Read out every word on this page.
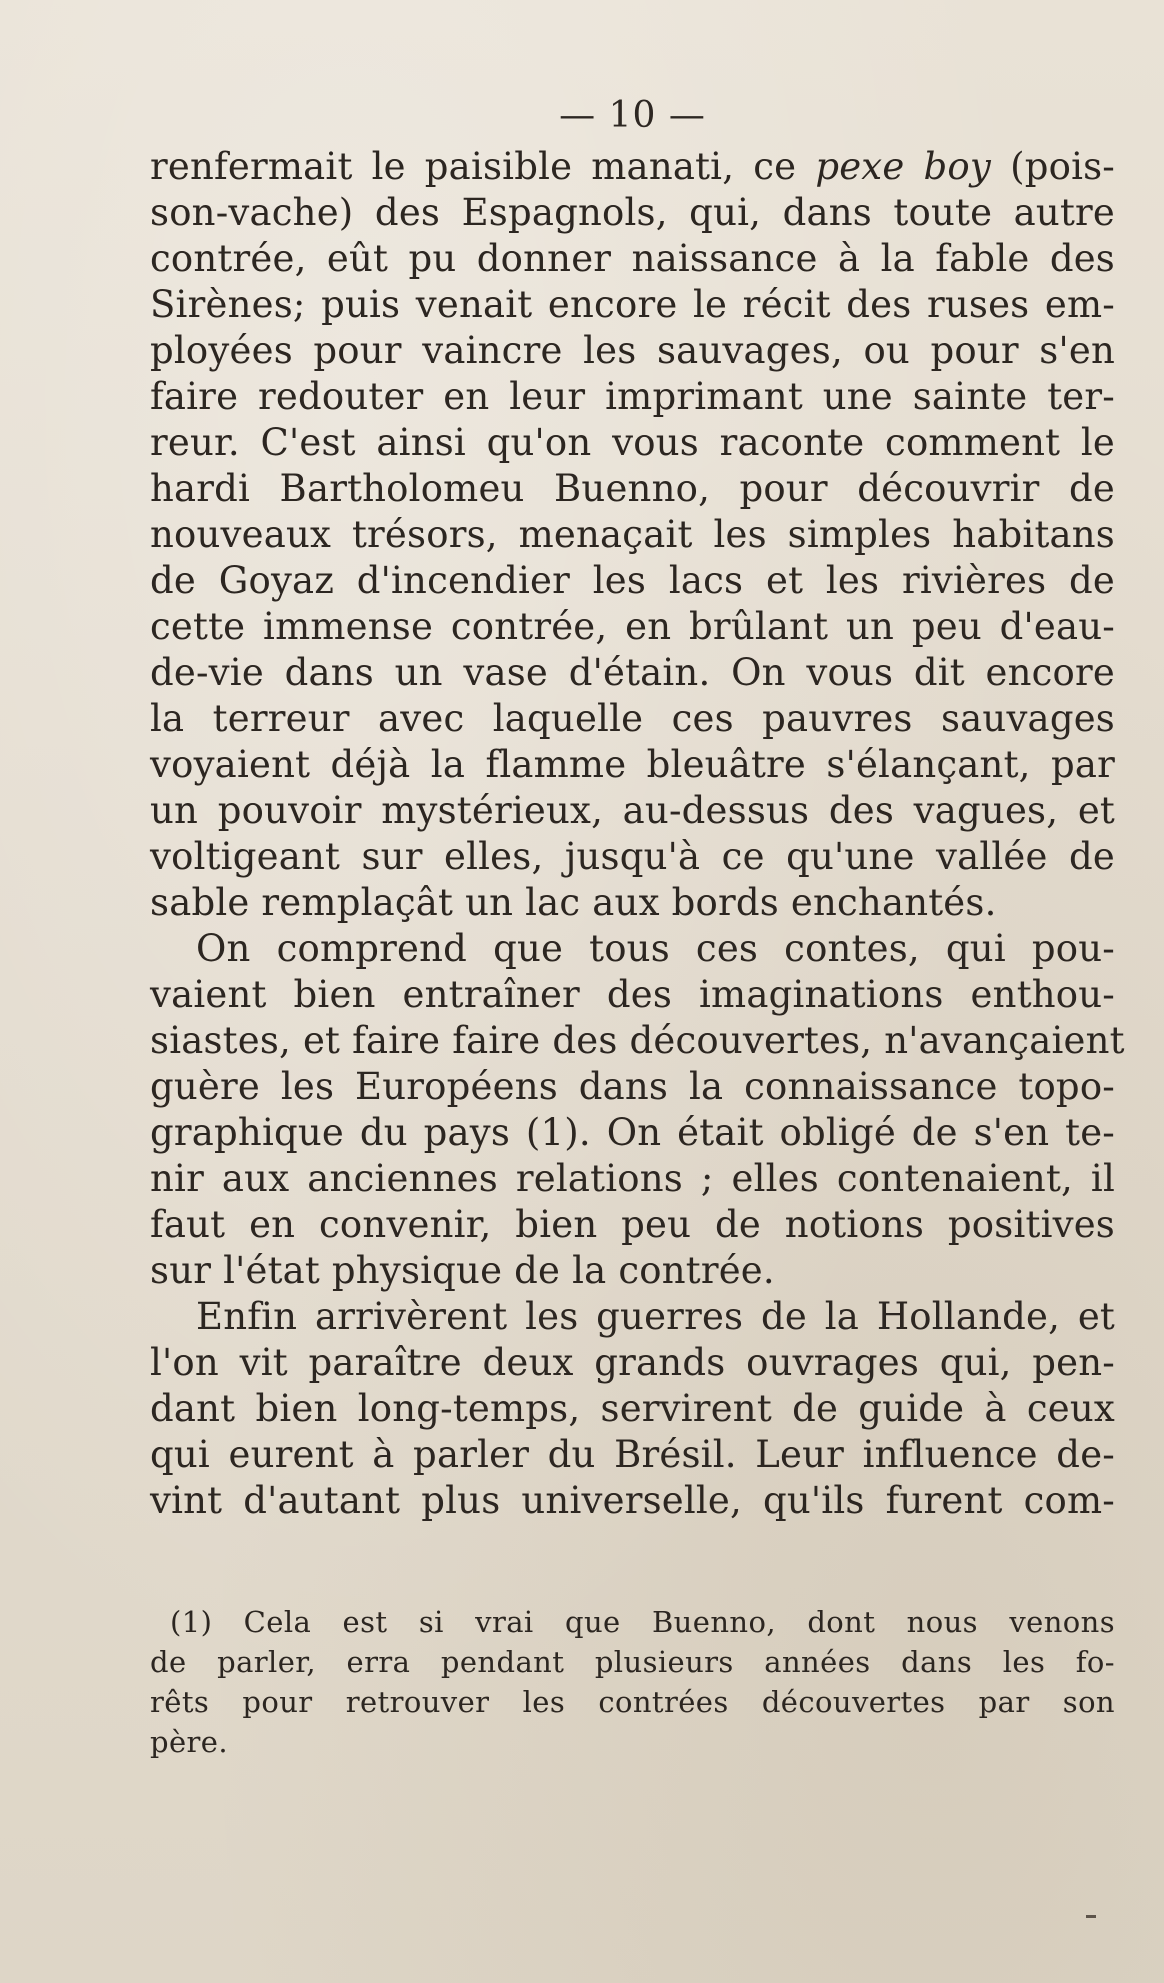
— 10 —
renfermait le paisible manati, ce pexe boy (pois-
son-vache) des Espagnols, qui, dans toute autre
contrée, eût pu donner naissance à la fable des
Sirènes; puis venait encore le récit des ruses em-
ployées pour vaincre les sauvages, ou pour s'en
faire redouter en leur imprimant une sainte ter-
reur. C'est ainsi qu'on vous raconte comment le
hardi Bartholomeu Buenno, pour découvrir de
nouveaux trésors, menaçait les simples habitans
de Goyaz d'incendier les lacs et les rivières de
cette immense contrée, en brûlant un peu d'eau-
de-vie dans un vase d'étain. On vous dit encore
la terreur avec laquelle ces pauvres sauvages
voyaient déjà la flamme bleuâtre s'élançant, par
un pouvoir mystérieux, au-dessus des vagues, et
voltigeant sur elles, jusqu'à ce qu'une vallée de
sable remplaçât un lac aux bords enchantés.
On comprend que tous ces contes, qui pou-
vaient bien entraîner des imaginations enthou-
siastes, et faire faire des découvertes, n'avançaient
guère les Européens dans la connaissance topo-
graphique du pays (1). On était obligé de s'en te-
nir aux anciennes relations ; elles contenaient, il
faut en convenir, bien peu de notions positives
sur l'état physique de la contrée.
Enfin arrivèrent les guerres de la Hollande, et
l'on vit paraître deux grands ouvrages qui, pen-
dant bien long-temps, servirent de guide à ceux
qui eurent à parler du Brésil. Leur influence de-
vint d'autant plus universelle, qu'ils furent com-
(1) Cela est si vrai que Buenno, dont nous venons
de parler, erra pendant plusieurs années dans les fo-
rêts pour retrouver les contrées découvertes par son
père.
